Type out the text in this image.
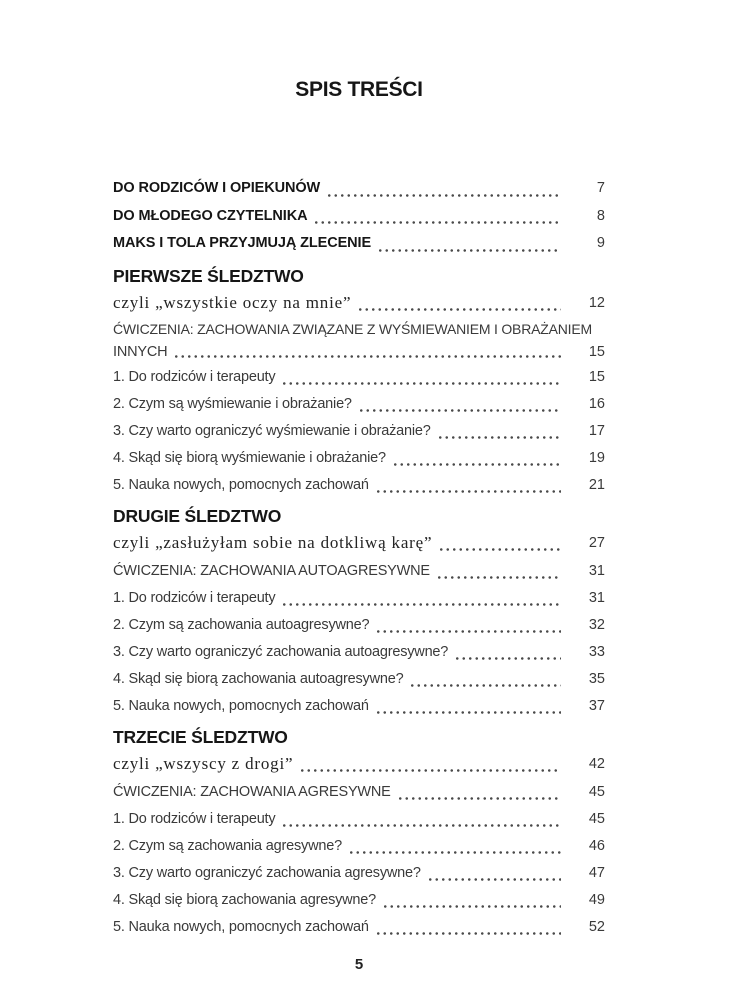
SPIS TREŚCI
DO RODZICÓW I OPIEKUNÓW	7
DO MŁODEGO CZYTELNIKA	8
MAKS I TOLA PRZYJMUJĄ ZLECENIE	9
PIERWSZE ŚLEDZTWO
czyli „wszystkie oczy na mnie”	12
ĆWICZENIA: ZACHOWANIA ZWIĄZANE Z WYŚMIEWANIEM I OBRAŻANIEM
INNYCH	15
1. Do rodziców i terapeuty	15
2. Czym są wyśmiewanie i obrażanie?	16
3. Czy warto ograniczyć wyśmiewanie i obrażanie?	17
4. Skąd się biorą wyśmiewanie i obrażanie?	19
5. Nauka nowych, pomocnych zachowań	21
DRUGIE ŚLEDZTWO
czyli „zasłużyłam sobie na dotkliwą karę”	27
ĆWICZENIA: ZACHOWANIA AUTOAGRESYWNE	31
1. Do rodziców i terapeuty	31
2. Czym są zachowania autoagresywne?	32
3. Czy warto ograniczyć zachowania autoagresywne?	33
4. Skąd się biorą zachowania autoagresywne?	35
5. Nauka nowych, pomocnych zachowań	37
TRZECIE ŚLEDZTWO
czyli „wszyscy z drogi”	42
ĆWICZENIA: ZACHOWANIA AGRESYWNE	45
1. Do rodziców i terapeuty	45
2. Czym są zachowania agresywne?	46
3. Czy warto ograniczyć zachowania agresywne?	47
4. Skąd się biorą zachowania agresywne?	49
5. Nauka nowych, pomocnych zachowań	52
5
